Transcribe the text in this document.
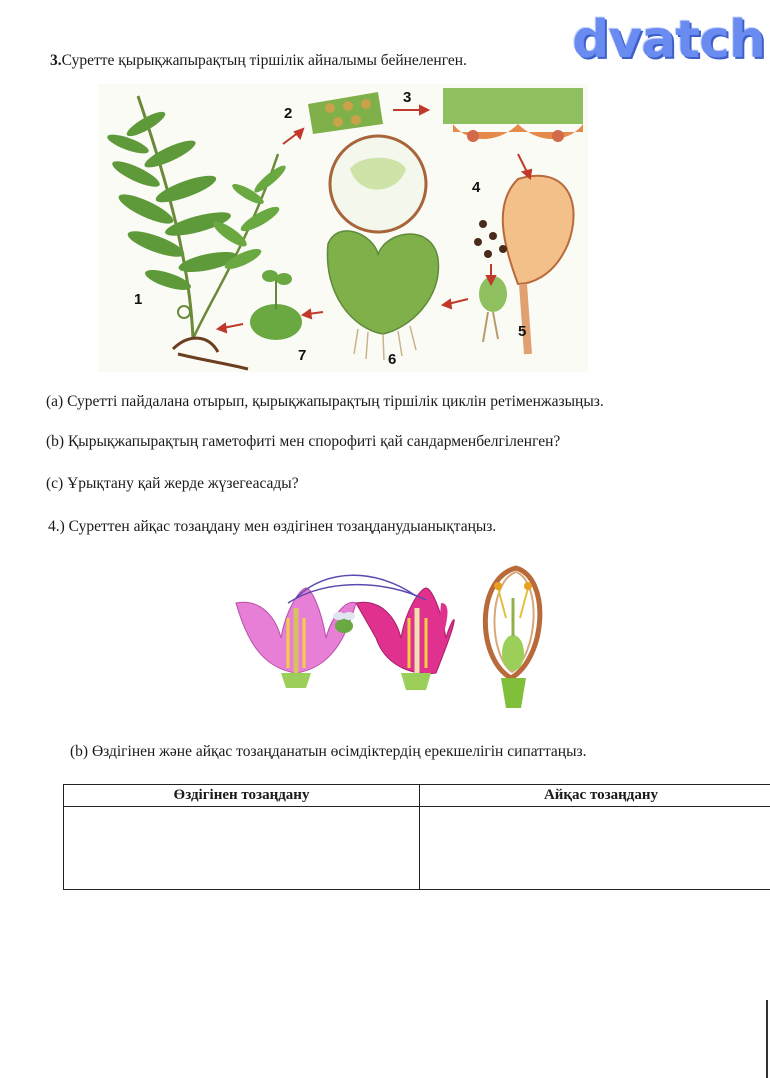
dvatch
3.Суретте қырықжапырақтың тіршілік айналымы бейнеленген.
1
2
3
4
5
6
7
(a) Суретті пайдалана отырып, қырықжапырақтың тіршілік циклін ретіменжазыңыз.
(b) Қырықжапырақтың гаметофиті мен спорофиті қай сандарменбелгіленген?
(c) Ұрықтану қай жерде жүзегеасады?
4.) Суреттен айқас тозаңдану мен өздігінен тозаңданудыанықтаңыз.
(b) Өздігінен және айқас тозаңданатын өсімдіктердің ерекшелігін сипаттаңыз.
Өздігінен тозаңдану	Айқас тозаңдану
